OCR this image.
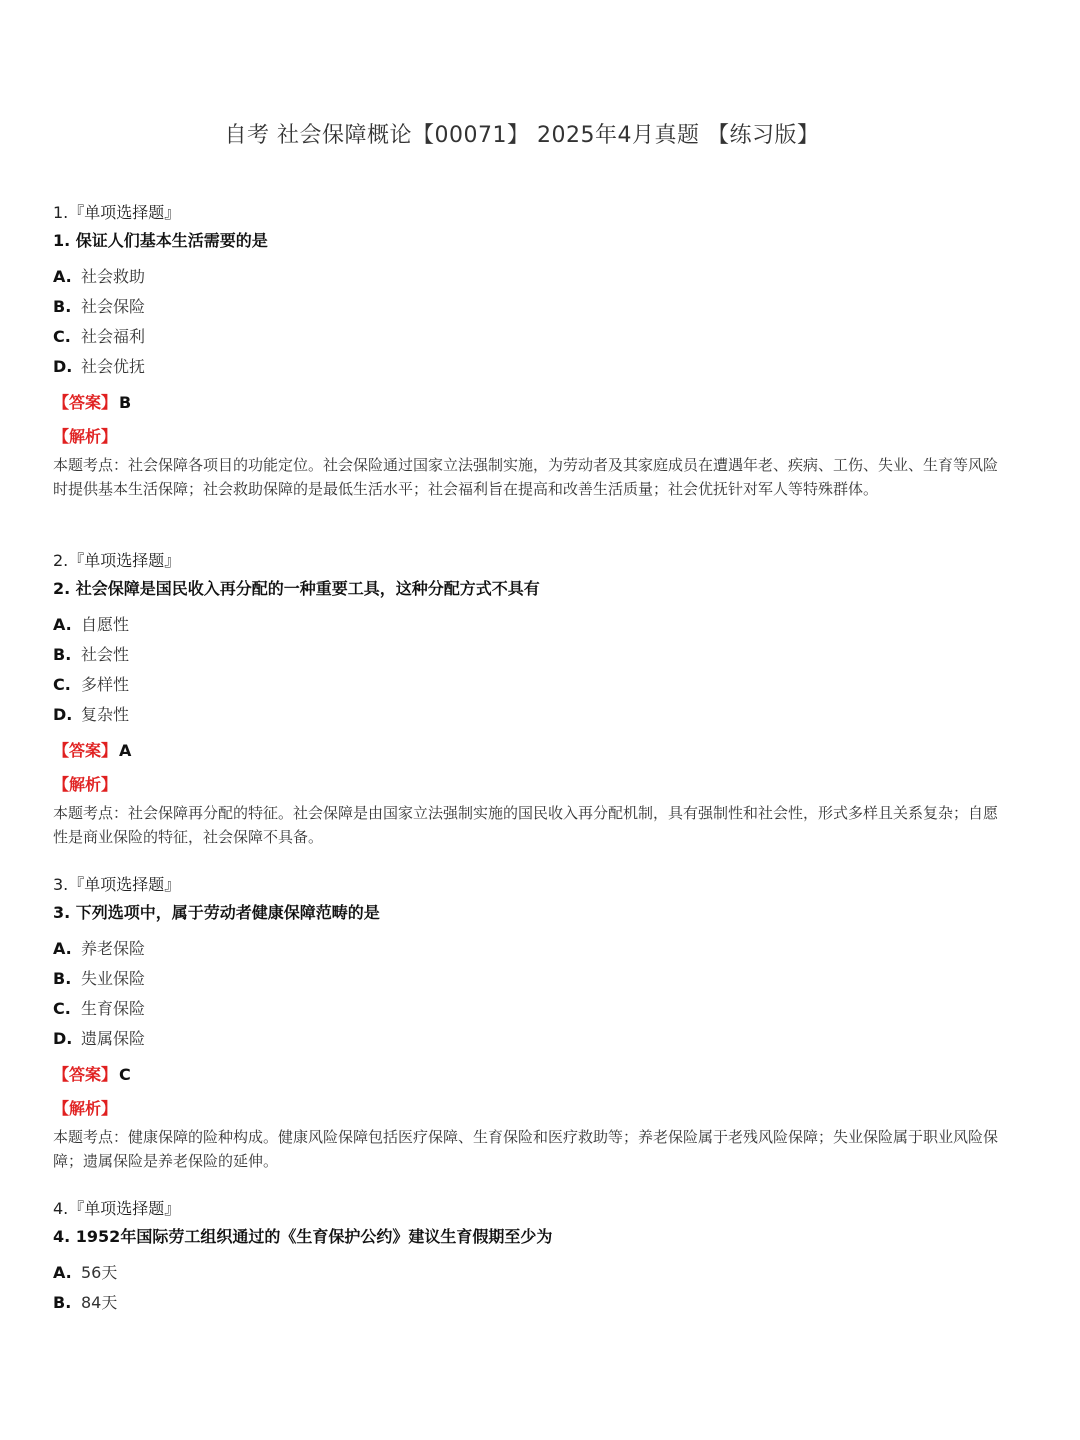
自考 社会保障概论【00071】 2025年4月真题 【练习版】
1.『单项选择题』
1. 保证人们基本生活需要的是
A. 社会救助
B. 社会保险
C. 社会福利
D. 社会优抚
【答案】 B
【解析】
本题考点：社会保障各项目的功能定位。社会保险通过国家立法强制实施，为劳动者及其家庭成员在遭遇年老、疾病、工伤、失业、生育等风险时提供基本生活保障；社会救助保障的是最低生活水平；社会福利旨在提高和改善生活质量；社会优抚针对军人等特殊群体。
2.『单项选择题』
2. 社会保障是国民收入再分配的一种重要工具，这种分配方式不具有
A. 自愿性
B. 社会性
C. 多样性
D. 复杂性
【答案】 A
【解析】
本题考点：社会保障再分配的特征。社会保障是由国家立法强制实施的国民收入再分配机制，具有强制性和社会性，形式多样且关系复杂；自愿性是商业保险的特征，社会保障不具备。
3.『单项选择题』
3. 下列选项中，属于劳动者健康保障范畴的是
A. 养老保险
B. 失业保险
C. 生育保险
D. 遗属保险
【答案】 C
【解析】
本题考点：健康保障的险种构成。健康风险保障包括医疗保障、生育保险和医疗救助等；养老保险属于老残风险保障；失业保险属于职业风险保障；遗属保险是养老保险的延伸。
4.『单项选择题』
4. 1952年国际劳工组织通过的《生育保护公约》建议生育假期至少为
A. 56天
B. 84天
